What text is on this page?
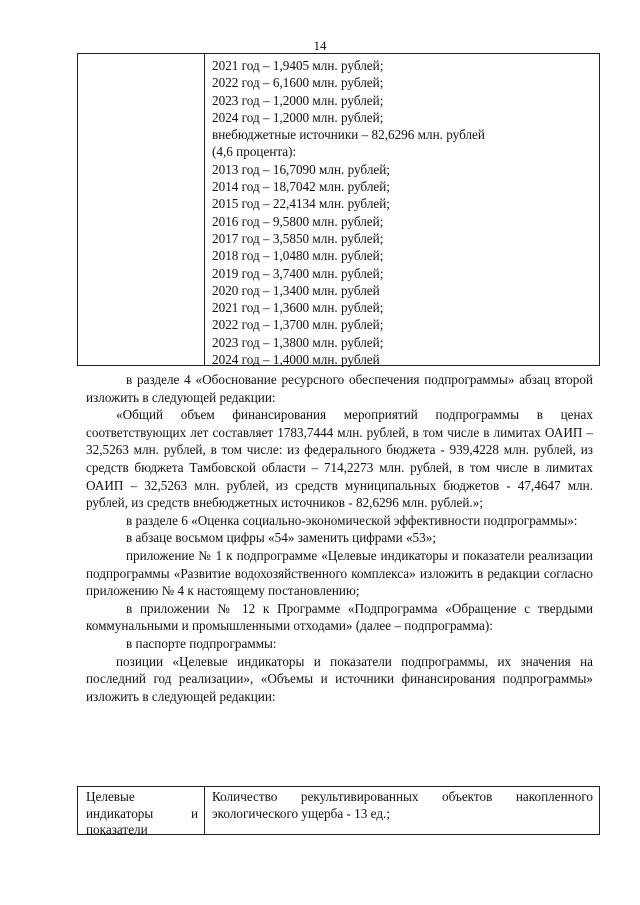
14
2021 год – 1,9405 млн. рублей;
2022 год – 6,1600 млн. рублей;
2023 год – 1,2000 млн. рублей;
2024 год – 1,2000 млн. рублей;
внебюджетные источники – 82,6296 млн. рублей
(4,6 процента):
2013 год – 16,7090 млн. рублей;
2014 год – 18,7042 млн. рублей;
2015 год – 22,4134 млн. рублей;
2016 год – 9,5800 млн. рублей;
2017 год – 3,5850 млн. рублей;
2018 год – 1,0480 млн. рублей;
2019 год – 3,7400 млн. рублей;
2020 год – 1,3400 млн. рублей
2021 год – 1,3600 млн. рублей;
2022 год – 1,3700 млн. рублей;
2023 год – 1,3800 млн. рублей;
2024 год – 1,4000 млн. рублей

в разделе 4 «Обоснование ресурсного обеспечения подпрограммы» абзац второй изложить в следующей редакции:

«Общий объем финансирования мероприятий подпрограммы в ценах соответствующих лет составляет 1783,7444 млн. рублей, в том числе в лимитах ОАИП – 32,5263 млн. рублей, в том числе: из федерального бюджета - 939,4228 млн. рублей, из средств бюджета Тамбовской области – 714,2273 млн. рублей, в том числе в лимитах ОАИП – 32,5263 млн. рублей, из средств муниципальных бюджетов - 47,4647 млн. рублей, из средств внебюджетных источников - 82,6296 млн. рублей.»;

в разделе 6 «Оценка социально-экономической эффективности подпрограммы»:

в абзаце восьмом цифры «54» заменить цифрами «53»;

приложение № 1 к подпрограмме «Целевые индикаторы и показатели реализации подпрограммы «Развитие водохозяйственного комплекса» изложить в редакции согласно приложению № 4 к настоящему постановлению;

в приложении № 12 к Программе «Подпрограмма «Обращение с твердыми коммунальными и промышленными отходами» (далее – подпрограмма):

в паспорте подпрограммы:

позиции «Целевые индикаторы и показатели подпрограммы, их значения на последний год реализации», «Объемы и источники финансирования подпрограммы» изложить в следующей редакции:

Целевые
индикаторы	и
показатели
Количество рекультивированных объектов накопленного экологического ущерба - 13 ед.;
